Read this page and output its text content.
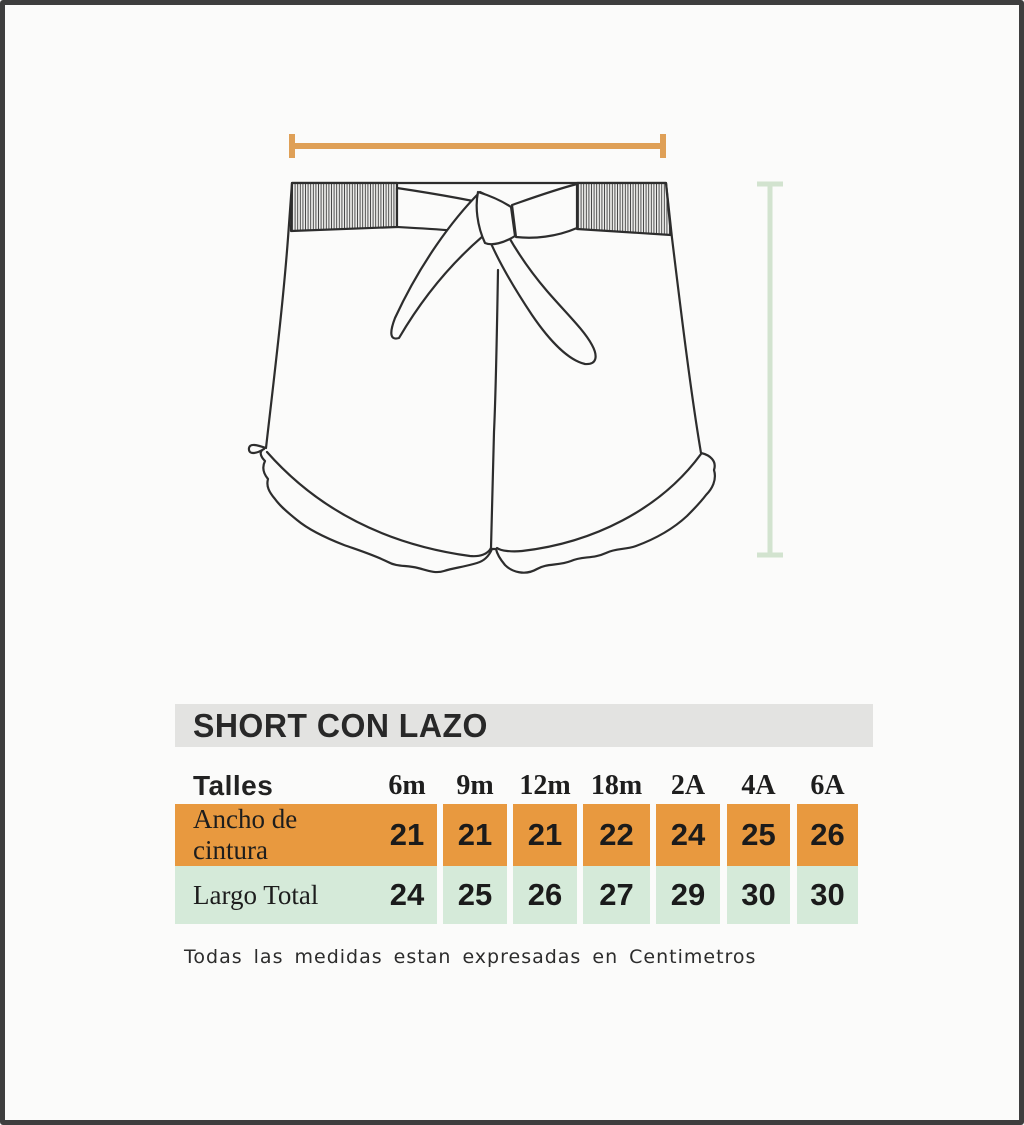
SHORT CON LAZO
Talles	6m	9m 12m 18m	2A	4A	6A
Ancho de cintura	21	21 21 22 24 25 26
Largo Total	24	25 26 27 29 30 30
Todas las medidas estan expresadas en Centimetros
